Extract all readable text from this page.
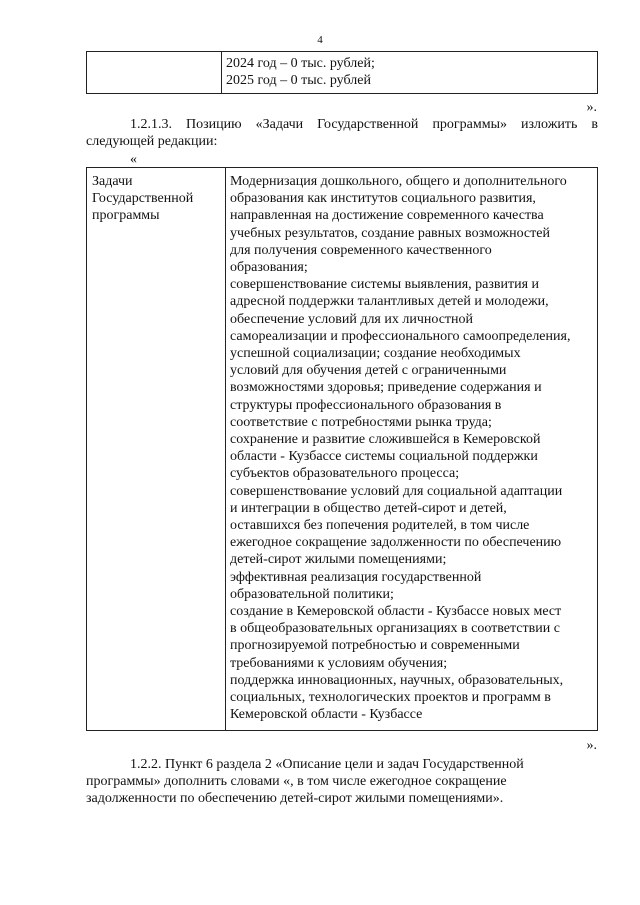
4

2024 год – 0 тыс. рублей;
2025 год – 0 тыс. рублей
».
1.2.1.3. Позицию «Задачи Государственной программы» изложить в
следующей редакции:
«
Задачи
Государственной
программы

Модернизация дошкольного, общего и дополнительного
образования как институтов социального развития,
направленная на достижение современного качества
учебных результатов, создание равных возможностей
для получения современного качественного
образования;
совершенствование системы выявления, развития и
адресной поддержки талантливых детей и молодежи,
обеспечение условий для их личностной
самореализации и профессионального самоопределения,
успешной социализации; создание необходимых
условий для обучения детей с ограниченными
возможностями здоровья; приведение содержания и
структуры профессионального образования в
соответствие с потребностями рынка труда;
сохранение и развитие сложившейся в Кемеровской
области - Кузбассе системы социальной поддержки
субъектов образовательного процесса;
совершенствование условий для социальной адаптации
и интеграции в общество детей-сирот и детей,
оставшихся без попечения родителей, в том числе
ежегодное сокращение задолженности по обеспечению
детей-сирот жилыми помещениями;
эффективная реализация государственной
образовательной политики;
создание в Кемеровской области - Кузбассе новых мест
в общеобразовательных организациях в соответствии с
прогнозируемой потребностью и современными
требованиями к условиям обучения;
поддержка инновационных, научных, образовательных,
социальных, технологических проектов и программ в
Кемеровской области - Кузбассе
».
1.2.2. Пункт 6 раздела 2 «Описание цели и задач Государственной
программы» дополнить словами «, в том числе ежегодное сокращение
задолженности по обеспечению детей-сирот жилыми помещениями».
